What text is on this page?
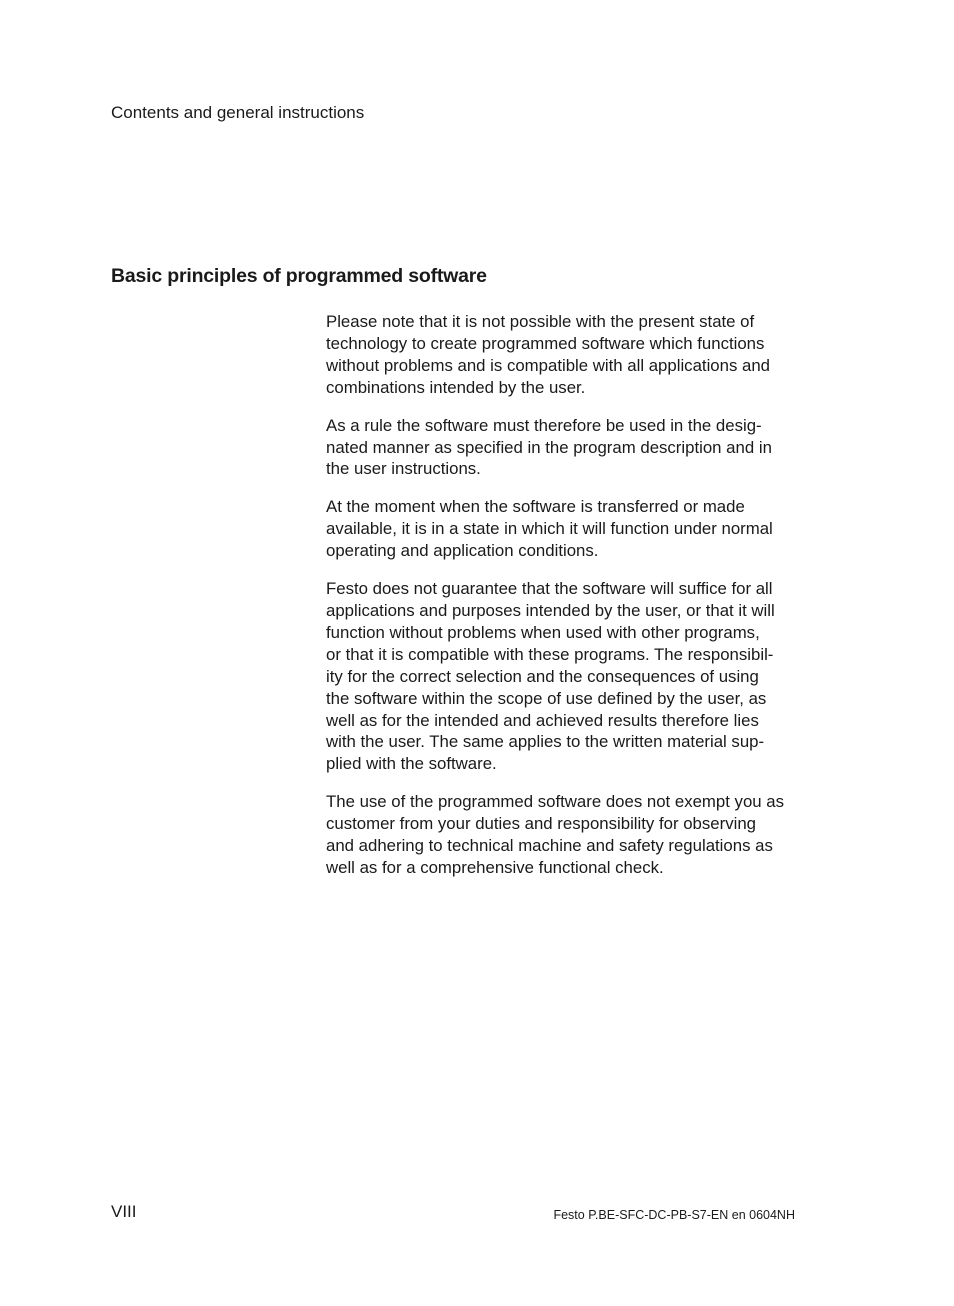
Contents and general instructions
Basic principles of programmed software

Please note that it is not possible with the present state of
technology to create programmed software which functions
without problems and is compatible with all applications and
combinations intended by the user.

As a rule the software must therefore be used in the desig-
nated manner as specified in the program description and in
the user instructions.

At the moment when the software is transferred or made
available, it is in a state in which it will function under normal
operating and application conditions.

Festo does not guarantee that the software will suffice for all
applications and purposes intended by the user, or that it will
function without problems when used with other programs,
or that it is compatible with these programs. The responsibil-
ity for the correct selection and the consequences of using
the software within the scope of use defined by the user, as
well as for the intended and achieved results therefore lies
with the user. The same applies to the written material sup-
plied with the software.

The use of the programmed software does not exempt you as
customer from your duties and responsibility for observing
and adhering to technical machine and safety regulations as
well as for a comprehensive functional check.

VIII	Festo P.BE-SFC-DC-PB-S7-EN en 0604NH
